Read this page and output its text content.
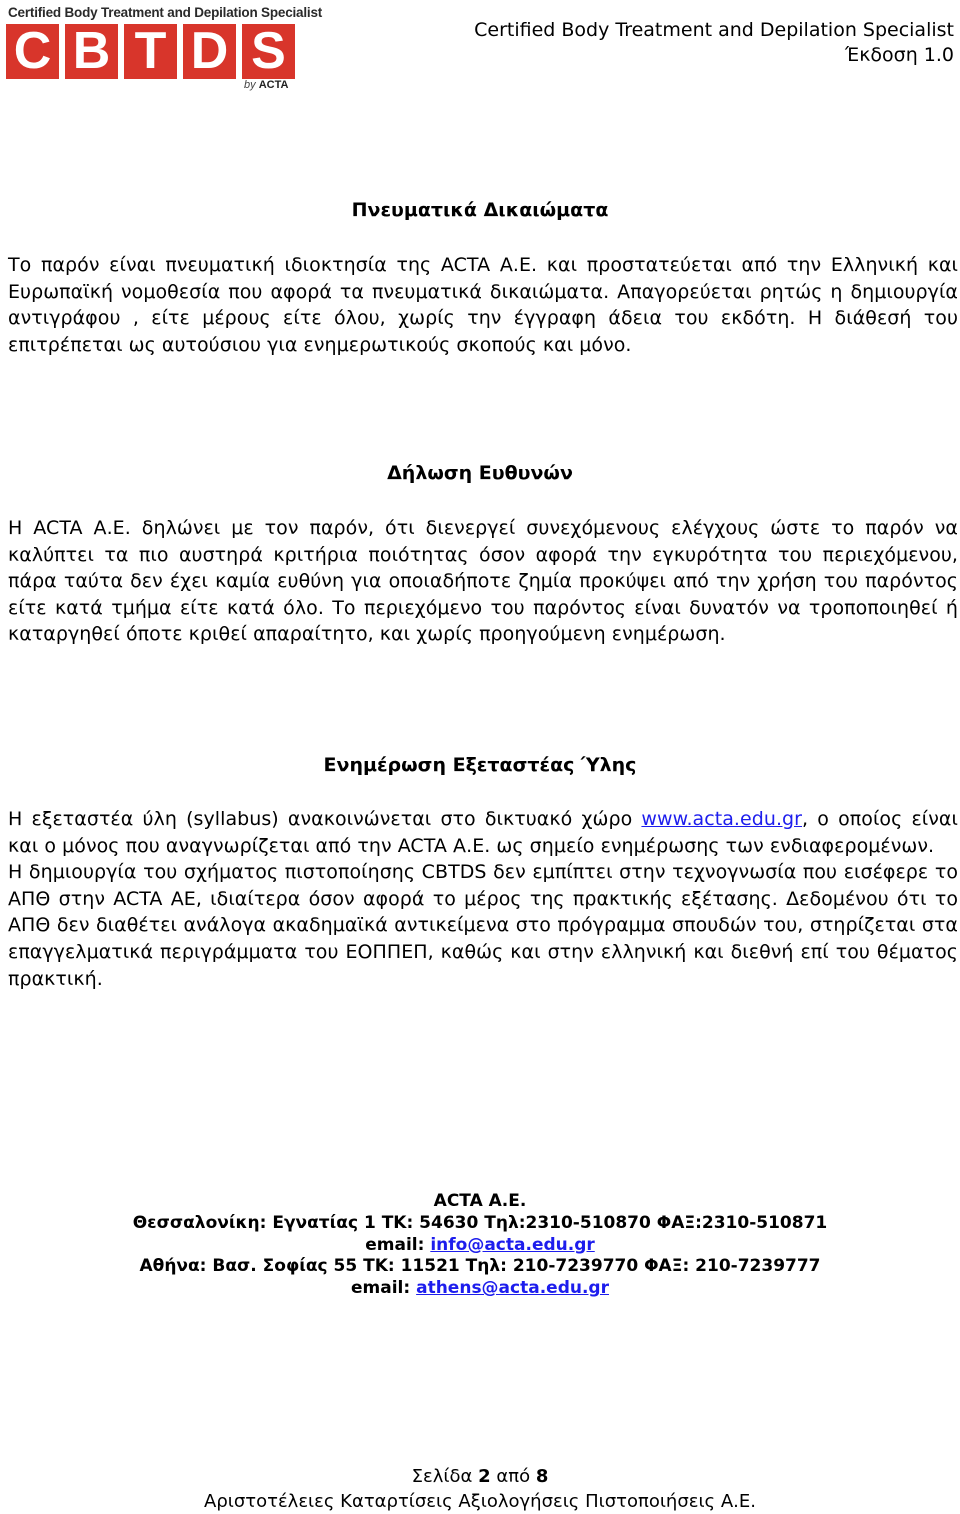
Certified Body Treatment and Depilation Specialist
C B T D S
by ACTA
Certified Body Treatment and Depilation Specialist
Έκδοση 1.0
Πνευματικά Δικαιώματα

Το παρόν είναι πνευματική ιδιοκτησία της ACTA Α.Ε. και προστατεύεται από την Ελληνική και Ευρωπαϊκή νομοθεσία που αφορά τα πνευματικά δικαιώματα. Απαγορεύεται ρητώς η δημιουργία αντιγράφου , είτε μέρους είτε όλου, χωρίς την έγγραφη άδεια του εκδότη. Η διάθεσή του επιτρέπεται ως αυτούσιου για ενημερωτικούς σκοπούς και μόνο.

Δήλωση Ευθυνών

Η ACTA Α.Ε. δηλώνει με τον παρόν, ότι διενεργεί συνεχόμενους ελέγχους ώστε το παρόν να καλύπτει τα πιο αυστηρά κριτήρια ποιότητας όσον αφορά την εγκυρότητα του περιεχόμενου, πάρα ταύτα δεν έχει καμία ευθύνη για οποιαδήποτε ζημία προκύψει από την χρήση του παρόντος είτε κατά τμήμα είτε κατά όλο. Το περιεχόμενο του παρόντος είναι δυνατόν να τροποποιηθεί ή καταργηθεί όποτε κριθεί απαραίτητο, και χωρίς προηγούμενη ενημέρωση.

Ενημέρωση Εξεταστέας Ύλης

Η εξεταστέα ύλη (syllabus) ανακοινώνεται στο δικτυακό χώρο www.acta.edu.gr, ο οποίος είναι και ο μόνος που αναγνωρίζεται από την ACTA Α.Ε. ως σημείο ενημέρωσης των ενδιαφερομένων.

Η δημιουργία του σχήματος πιστοποίησης CBTDS δεν εμπίπτει στην τεχνογνωσία που εισέφερε το ΑΠΘ στην ACTA ΑΕ, ιδιαίτερα όσον αφορά το μέρος της πρακτικής εξέτασης. Δεδομένου ότι το ΑΠΘ δεν διαθέτει ανάλογα ακαδημαϊκά αντικείμενα στο πρόγραμμα σπουδών του, στηρίζεται στα επαγγελματικά περιγράμματα του ΕΟΠΠΕΠ, καθώς και στην ελληνική και διεθνή επί του θέματος πρακτική.

ACTA Α.Ε.
Θεσσαλονίκη: Εγνατίας 1 ΤΚ: 54630 Τηλ:2310-510870 ΦΑΞ:2310-510871
email: info@acta.edu.gr
Αθήνα: Βασ. Σοφίας 55 ΤΚ: 11521 Τηλ: 210-7239770 ΦΑΞ: 210-7239777
email: athens@acta.edu.gr
Σελίδα 2 από 8
Αριστοτέλειες Καταρτίσεις Αξιολογήσεις Πιστοποιήσεις Α.Ε.
